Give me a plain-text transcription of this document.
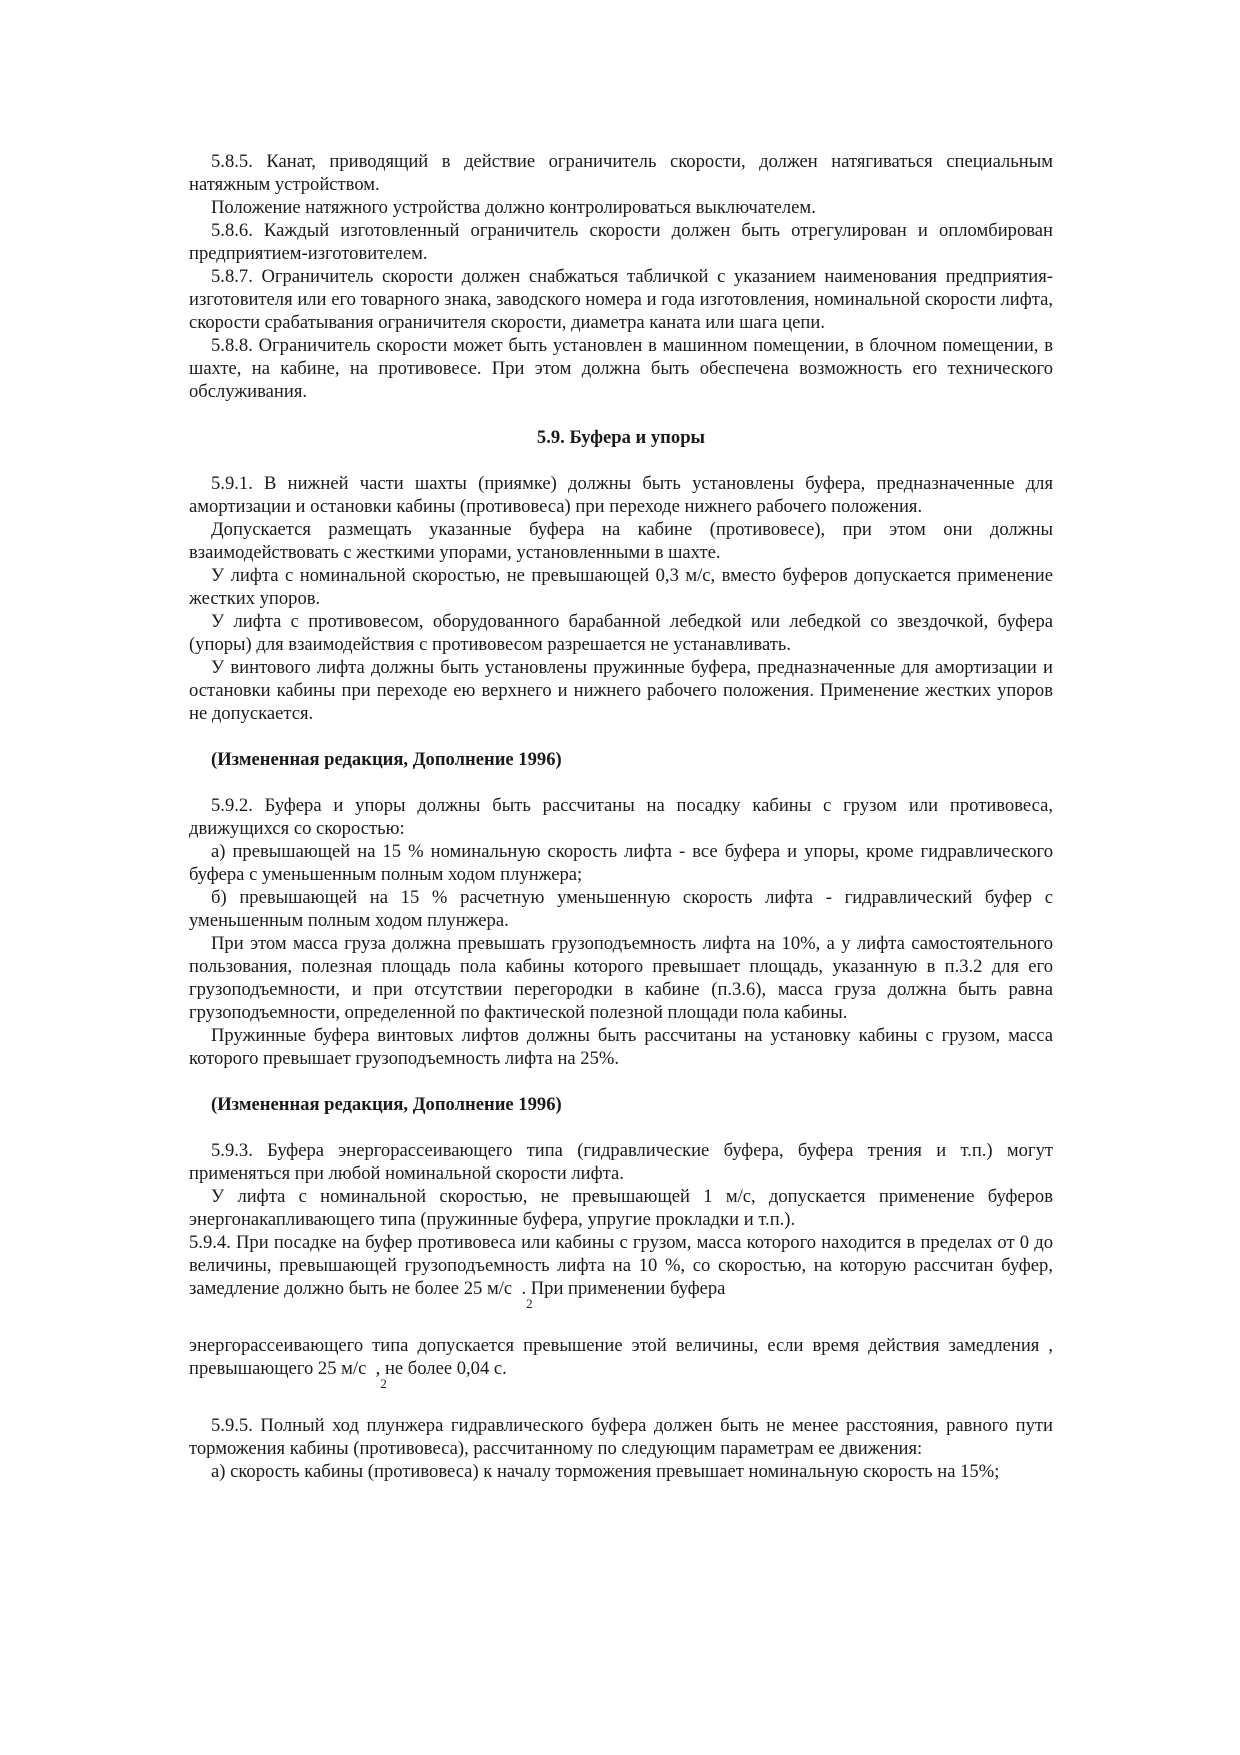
5.8.5. Канат, приводящий в действие ограничитель скорости, должен натягиваться специальным натяжным устройством.

Положение натяжного устройства должно контролироваться выключателем.

5.8.6. Каждый изготовленный ограничитель скорости должен быть отрегулирован и опломбирован предприятием-изготовителем.

5.8.7. Ограничитель скорости должен снабжаться табличкой с указанием наименования предприятия-изготовителя или его товарного знака, заводского номера и года изготовления, номинальной скорости лифта, скорости срабатывания ограничителя скорости, диаметра каната или шага цепи.

5.8.8. Ограничитель скорости может быть установлен в машинном помещении, в блочном помещении, в шахте, на кабине, на противовесе. При этом должна быть обеспечена возможность его технического обслуживания.

5.9. Буфера и упоры

5.9.1. В нижней части шахты (приямке) должны быть установлены буфера, предназначенные для амортизации и остановки кабины (противовеса) при переходе нижнего рабочего положения.

Допускается размещать указанные буфера на кабине (противовесе), при этом они должны взаимодействовать с жесткими упорами, установленными в шахте.

У лифта с номинальной скоростью, не превышающей 0,3 м/с, вместо буферов допускается применение жестких упоров.

У лифта с противовесом, оборудованного барабанной лебедкой или лебедкой со звездочкой, буфера (упоры) для взаимодействия с противовесом разрешается не устанавливать.

У винтового лифта должны быть установлены пружинные буфера, предназначенные для амортизации и остановки кабины при переходе ею верхнего и нижнего рабочего положения. Применение жестких упоров не допускается.

(Измененная редакция, Дополнение 1996)

5.9.2. Буфера и упоры должны быть рассчитаны на посадку кабины с грузом или противовеса, движущихся со скоростью:

а) превышающей на 15 % номинальную скорость лифта - все буфера и упоры, кроме гидравлического буфера с уменьшенным полным ходом плунжера;

б) превышающей на 15 % расчетную уменьшенную скорость лифта - гидравлический буфер с уменьшенным полным ходом плунжера.

При этом масса груза должна превышать грузоподъемность лифта на 10%, а у лифта самостоятельного пользования, полезная площадь пола кабины которого превышает площадь, указанную в п.3.2 для его грузоподъемности, и при отсутствии перегородки в кабине (п.3.6), масса груза должна быть равна грузоподъемности, определенной по фактической полезной площади пола кабины.

Пружинные буфера винтовых лифтов должны быть рассчитаны на установку кабины с грузом, масса которого превышает грузоподъемность лифта на 25%.

(Измененная редакция, Дополнение 1996)

5.9.3. Буфера энергорассеивающего типа (гидравлические буфера, буфера трения и т.п.) могут применяться при любой номинальной скорости лифта.

У лифта с номинальной скоростью, не превышающей 1 м/с, допускается применение буферов энергонакапливающего типа (пружинные буфера, упругие прокладки и т.п.).

5.9.4. При посадке на буфер противовеса или кабины с грузом, масса которого находится в пределах от 0 до величины, превышающей грузоподъемность лифта на 10 %, со скоростью, на которую рассчитан буфер, замедление должно быть не более 25 м/с
2
. При применении буфера

энергорассеивающего типа допускается превышение этой величины, если время действия замедления , превышающего 25 м/с
2
, не более 0,04 с.

5.9.5. Полный ход плунжера гидравлического буфера должен быть не менее расстояния, равного пути торможения кабины (противовеса), рассчитанному по следующим параметрам ее движения:

а) скорость кабины (противовеса) к началу торможения превышает номинальную скорость на 15%;
